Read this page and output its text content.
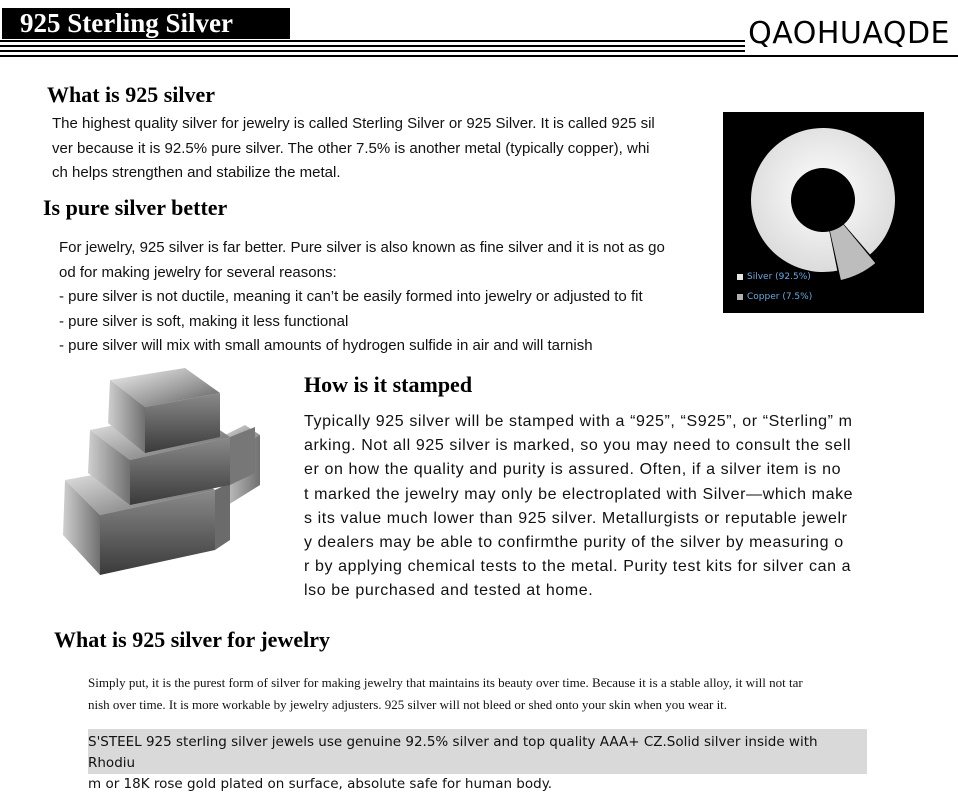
925 Sterling Silver	QAOHUAQDE
What is 925 silver
The highest quality silver for jewelry is called Sterling Silver or 925 Silver. It is called 925 sil
ver because it is 92.5% pure silver. The other 7.5% is another metal (typically copper), whi
ch helps strengthen and stabilize the metal.
Silver (92.5%)
Copper (7.5%)
Is pure silver better
For jewelry, 925 silver is far better. Pure silver is also known as fine silver and it is not as go
od for making jewelry for several reasons:
- pure silver is not ductile, meaning it can’t be easily formed into jewelry or adjusted to fit
- pure silver is soft, making it less functional
- pure silver will mix with small amounts of hydrogen sulfide in air and will tarnish
How is it stamped
Typically 925 silver will be stamped with a “925”, “S925”, or “Sterling” m
arking. Not all 925 silver is marked, so you may need to consult the sell
er on how the quality and purity is assured. Often, if a silver item is no
t marked the jewelry may only be electroplated with Silver—which make
s its value much lower than 925 silver. Metallurgists or reputable jewelr
y dealers may be able to confirmthe purity of the silver by measuring o
r by applying chemical tests to the metal. Purity test kits for silver can a
lso be purchased and tested at home.
What is 925 silver for jewelry
Simply put, it is the purest form of silver for making jewelry that maintains its beauty over time. Because it is a stable alloy, it will not tar
nish over time. It is more workable by jewelry adjusters. 925 silver will not bleed or shed onto your skin when you wear it.
S'STEEL 925 sterling silver jewels use genuine 92.5% silver and top quality AAA+ CZ.Solid silver inside with Rhodiu
m or 18K rose gold plated on surface, absolute safe for human body.
